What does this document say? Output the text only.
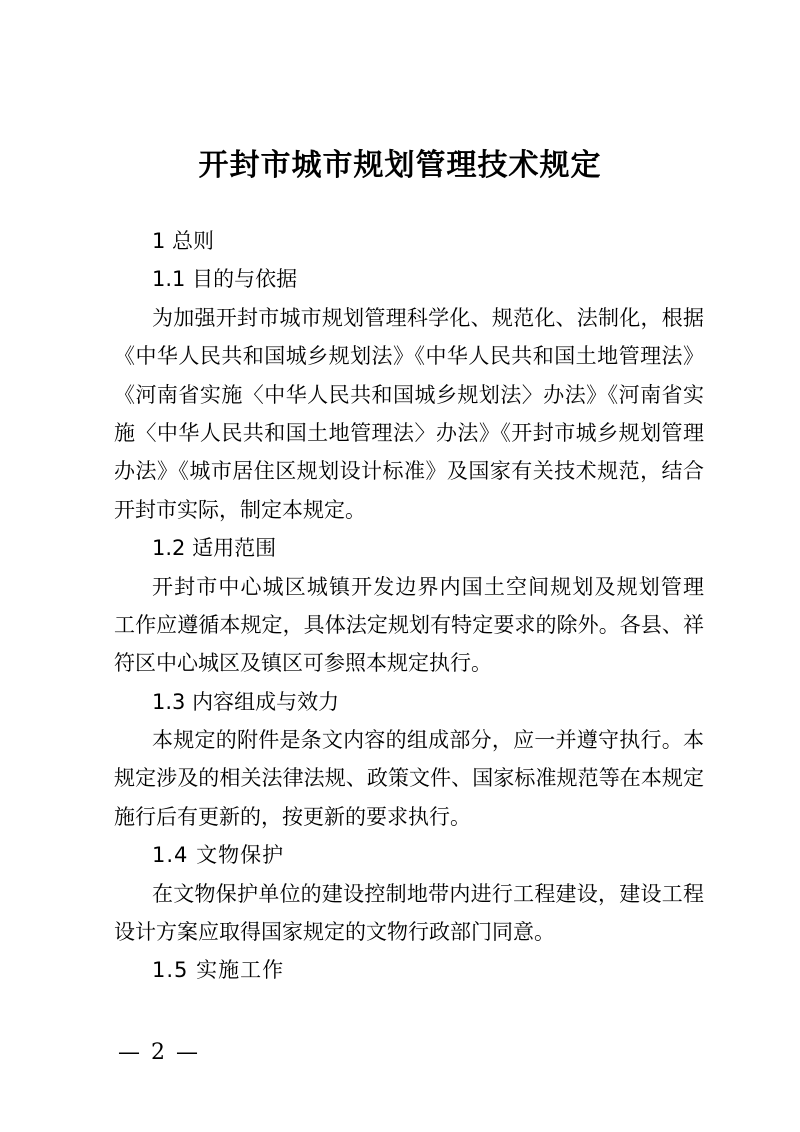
开封市城市规划管理技术规定

1 总则

1.1 目的与依据

为加强开封市城市规划管理科学化、规范化、法制化，根据

《中华人民共和国城乡规划法》《中华人民共和国土地管理法》

《河南省实施〈中华人民共和国城乡规划法〉办法》《河南省实

施〈中华人民共和国土地管理法〉办法》《开封市城乡规划管理

办法》《城市居住区规划设计标准》及国家有关技术规范，结合

开封市实际，制定本规定。

1.2 适用范围

开封市中心城区城镇开发边界内国土空间规划及规划管理

工作应遵循本规定，具体法定规划有特定要求的除外。各县、祥

符区中心城区及镇区可参照本规定执行。

1.3 内容组成与效力

本规定的附件是条文内容的组成部分，应一并遵守执行。本

规定涉及的相关法律法规、政策文件、国家标准规范等在本规定

施行后有更新的，按更新的要求执行。

1.4 文物保护

在文物保护单位的建设控制地带内进行工程建设，建设工程

设计方案应取得国家规定的文物行政部门同意。

1.5 实施工作

— 2 —
